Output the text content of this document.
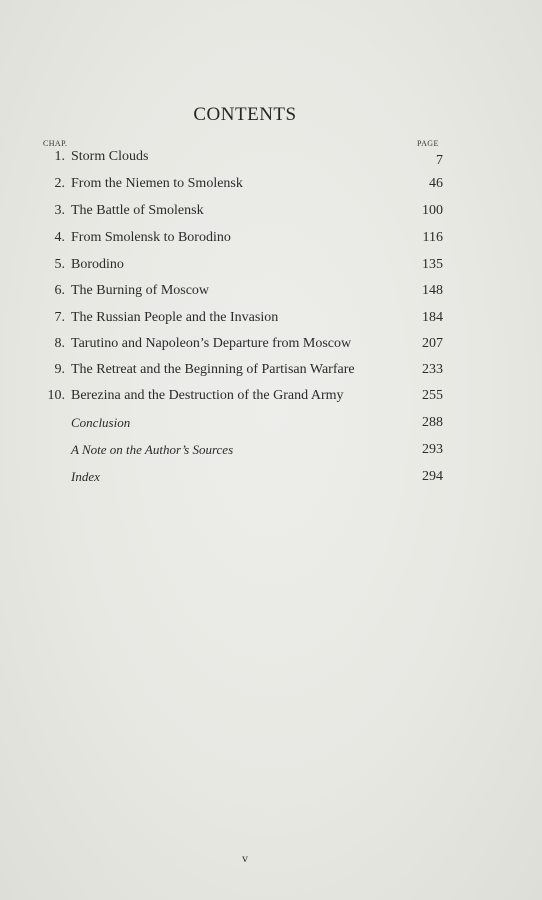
CONTENTS
CHAP.	PAGE
1. Storm Clouds	7
2. From the Niemen to Smolensk	46
3. The Battle of Smolensk	100
4. From Smolensk to Borodino	116
5. Borodino	135
6. The Burning of Moscow	148
7. The Russian People and the Invasion	184
8. Tarutino and Napoleon’s Departure from Moscow	207
9. The Retreat and the Beginning of Partisan Warfare	233
10. Berezina and the Destruction of the Grand Army	255
Conclusion	288
A Note on the Author’s Sources	293
Index	294
v
